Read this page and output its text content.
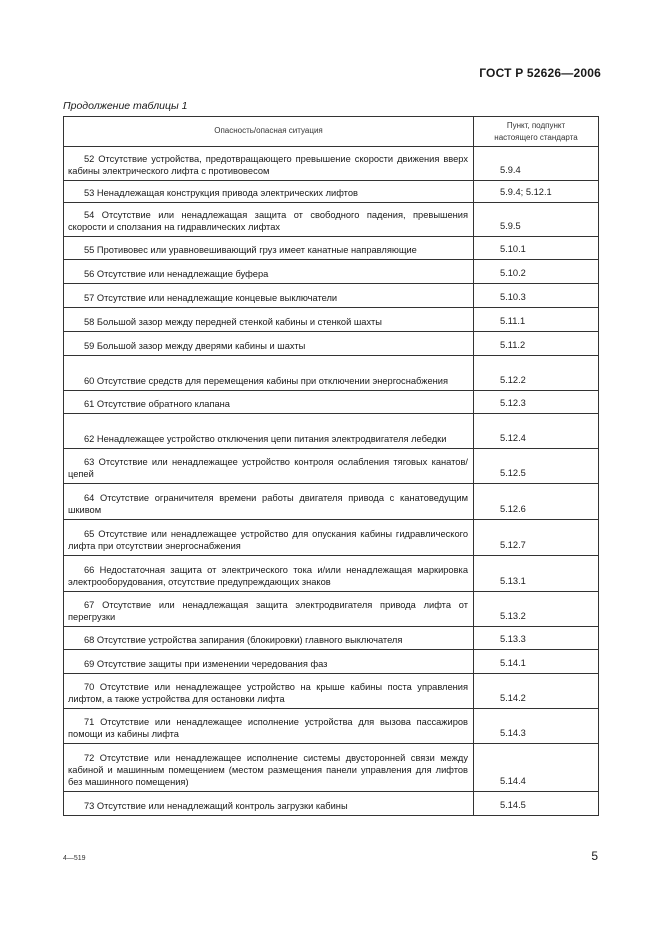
ГОСТ Р 52626—2006
Продолжение таблицы 1
Опасность/опасная ситуация	Пункт, подпункт
настоящего стандарта
52 Отсутствие устройства, предотвращающего превышение скорости движения вверх кабины электрического лифта с противовесом	5.9.4
53 Ненадлежащая конструкция привода электрических лифтов	5.9.4; 5.12.1
54 Отсутствие или ненадлежащая защита от свободного падения, превышения скорости и сползания на гидравлических лифтах	5.9.5
55 Противовес или уравновешивающий груз имеет канатные направляющие	5.10.1
56 Отсутствие или ненадлежащие буфера	5.10.2
57 Отсутствие или ненадлежащие концевые выключатели	5.10.3
58 Большой зазор между передней стенкой кабины и стенкой шахты	5.11.1
59 Большой зазор между дверями кабины и шахты	5.11.2
60 Отсутствие средств для перемещения кабины при отключении энергоснабжения	5.12.2
61 Отсутствие обратного клапана	5.12.3
62 Ненадлежащее устройство отключения цепи питания электродвигателя лебедки	5.12.4
63 Отсутствие или ненадлежащее устройство контроля ослабления тяговых канатов/цепей	5.12.5
64 Отсутствие ограничителя времени работы двигателя привода с канатоведущим шкивом	5.12.6
65 Отсутствие или ненадлежащее устройство для опускания кабины гидравлического лифта при отсутствии энергоснабжения	5.12.7
66 Недостаточная защита от электрического тока и/или ненадлежащая маркировка электрооборудования, отсутствие предупреждающих знаков	5.13.1
67 Отсутствие или ненадлежащая защита электродвигателя привода лифта от перегрузки	5.13.2
68 Отсутствие устройства запирания (блокировки) главного выключателя	5.13.3
69 Отсутствие защиты при изменении чередования фаз	5.14.1
70 Отсутствие или ненадлежащее устройство на крыше кабины поста управления лифтом, а также устройства для остановки лифта	5.14.2
71 Отсутствие или ненадлежащее исполнение устройства для вызова пассажиров помощи из кабины лифта	5.14.3
72 Отсутствие или ненадлежащее исполнение системы двусторонней связи между кабиной и машинным помещением (местом размещения панели управления для лифтов без машинного помещения)	5.14.4
73 Отсутствие или ненадлежащий контроль загрузки кабины	5.14.5
4—519	5
